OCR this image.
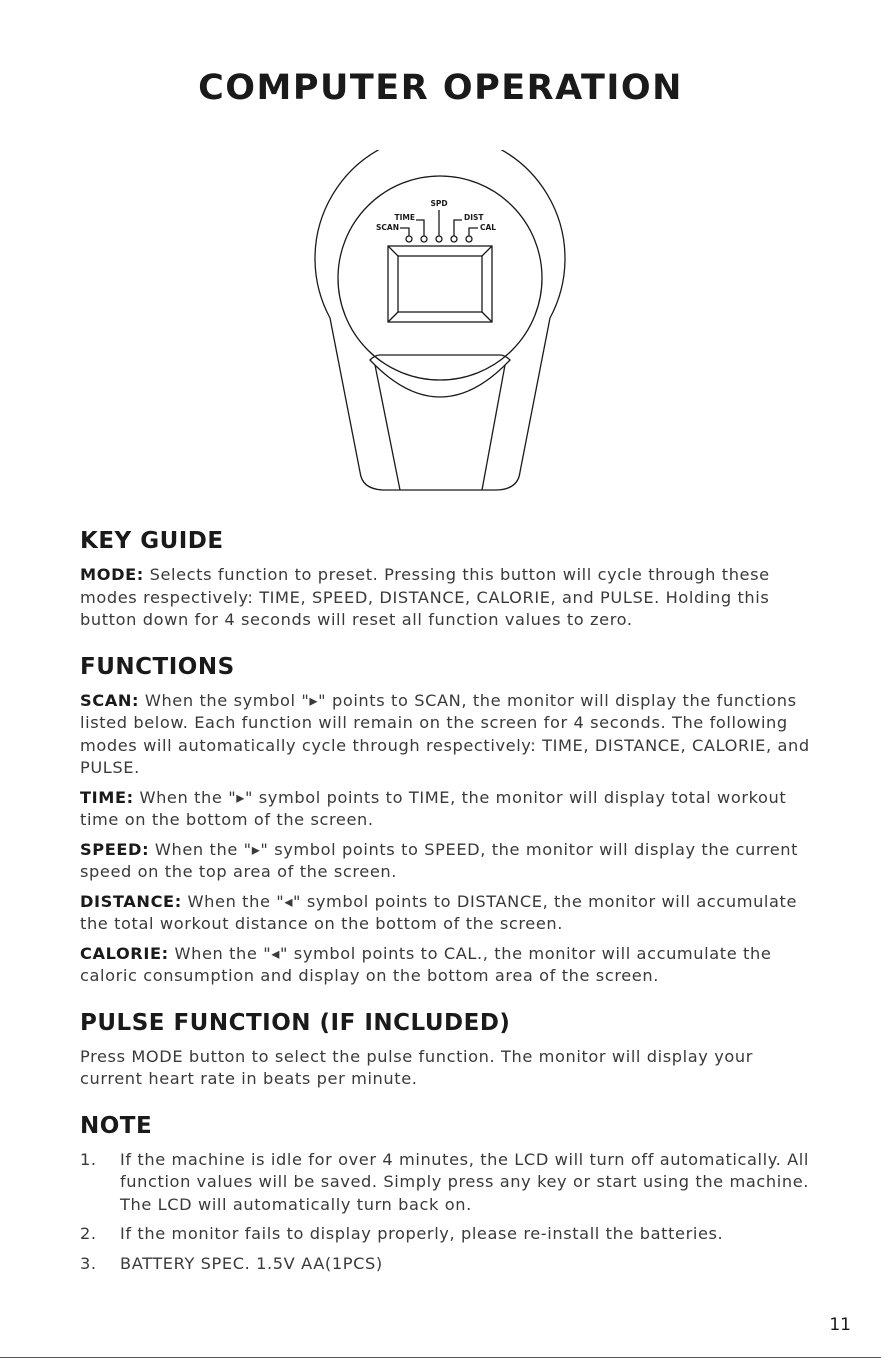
COMPUTER OPERATION
SPD
TIME
SCAN
DIST
CAL
KEY GUIDE

MODE: Selects function to preset. Pressing this button will cycle through these modes respectively: TIME, SPEED, DISTANCE, CALORIE, and PULSE. Holding this button down for 4 seconds will reset all function values to zero.

FUNCTIONS

SCAN: When the symbol "▸" points to SCAN, the monitor will display the functions listed below. Each function will remain on the screen for 4 seconds. The following modes will automatically cycle through respectively: TIME, DISTANCE, CALORIE, and PULSE.

TIME: When the "▸" symbol points to TIME, the monitor will display total workout time on the bottom of the screen.

SPEED: When the "▸" symbol points to SPEED, the monitor will display the current speed on the top area of the screen.

DISTANCE: When the "◂" symbol points to DISTANCE, the monitor will accumulate the total workout distance on the bottom of the screen.

CALORIE: When the "◂" symbol points to CAL., the monitor will accumulate the caloric consumption and display on the bottom area of the screen.

PULSE FUNCTION (IF INCLUDED)

Press MODE button to select the pulse function. The monitor will display your current heart rate in beats per minute.

NOTE
1. If the machine is idle for over 4 minutes, the LCD will turn off automatically. All function values will be saved. Simply press any key or start using the machine. The LCD will automatically turn back on.
2. If the monitor fails to display properly, please re-install the batteries.
3. BATTERY SPEC. 1.5V AA(1PCS)
11
